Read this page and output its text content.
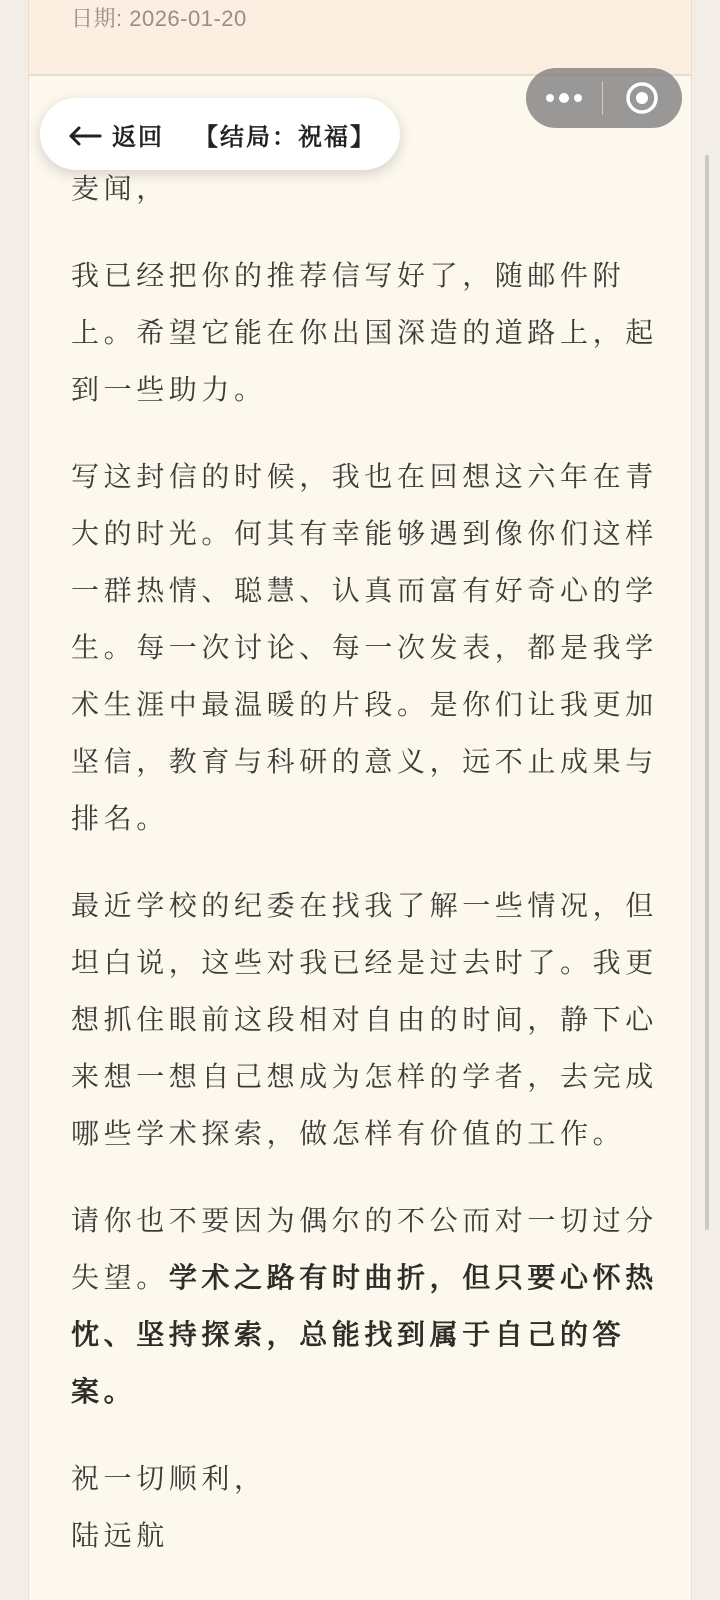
日期: 2026-01-20

麦闻，

我已经把你的推荐信写好了，随邮件附上。希望它能在你出国深造的道路上，起到一些助力。

写这封信的时候，我也在回想这六年在青大的时光。何其有幸能够遇到像你们这样一群热情、聪慧、认真而富有好奇心的学生。每一次讨论、每一次发表，都是我学术生涯中最温暖的片段。是你们让我更加坚信，教育与科研的意义，远不止成果与排名。

最近学校的纪委在找我了解一些情况，但坦白说，这些对我已经是过去时了。我更想抓住眼前这段相对自由的时间，静下心来想一想自己想成为怎样的学者，去完成哪些学术探索，做怎样有价值的工作。

请你也不要因为偶尔的不公而对一切过分失望。学术之路有时曲折，但只要心怀热忱、坚持探索，总能找到属于自己的答案。

祝一切顺利，

陆远航

返回 【结局：祝福】
